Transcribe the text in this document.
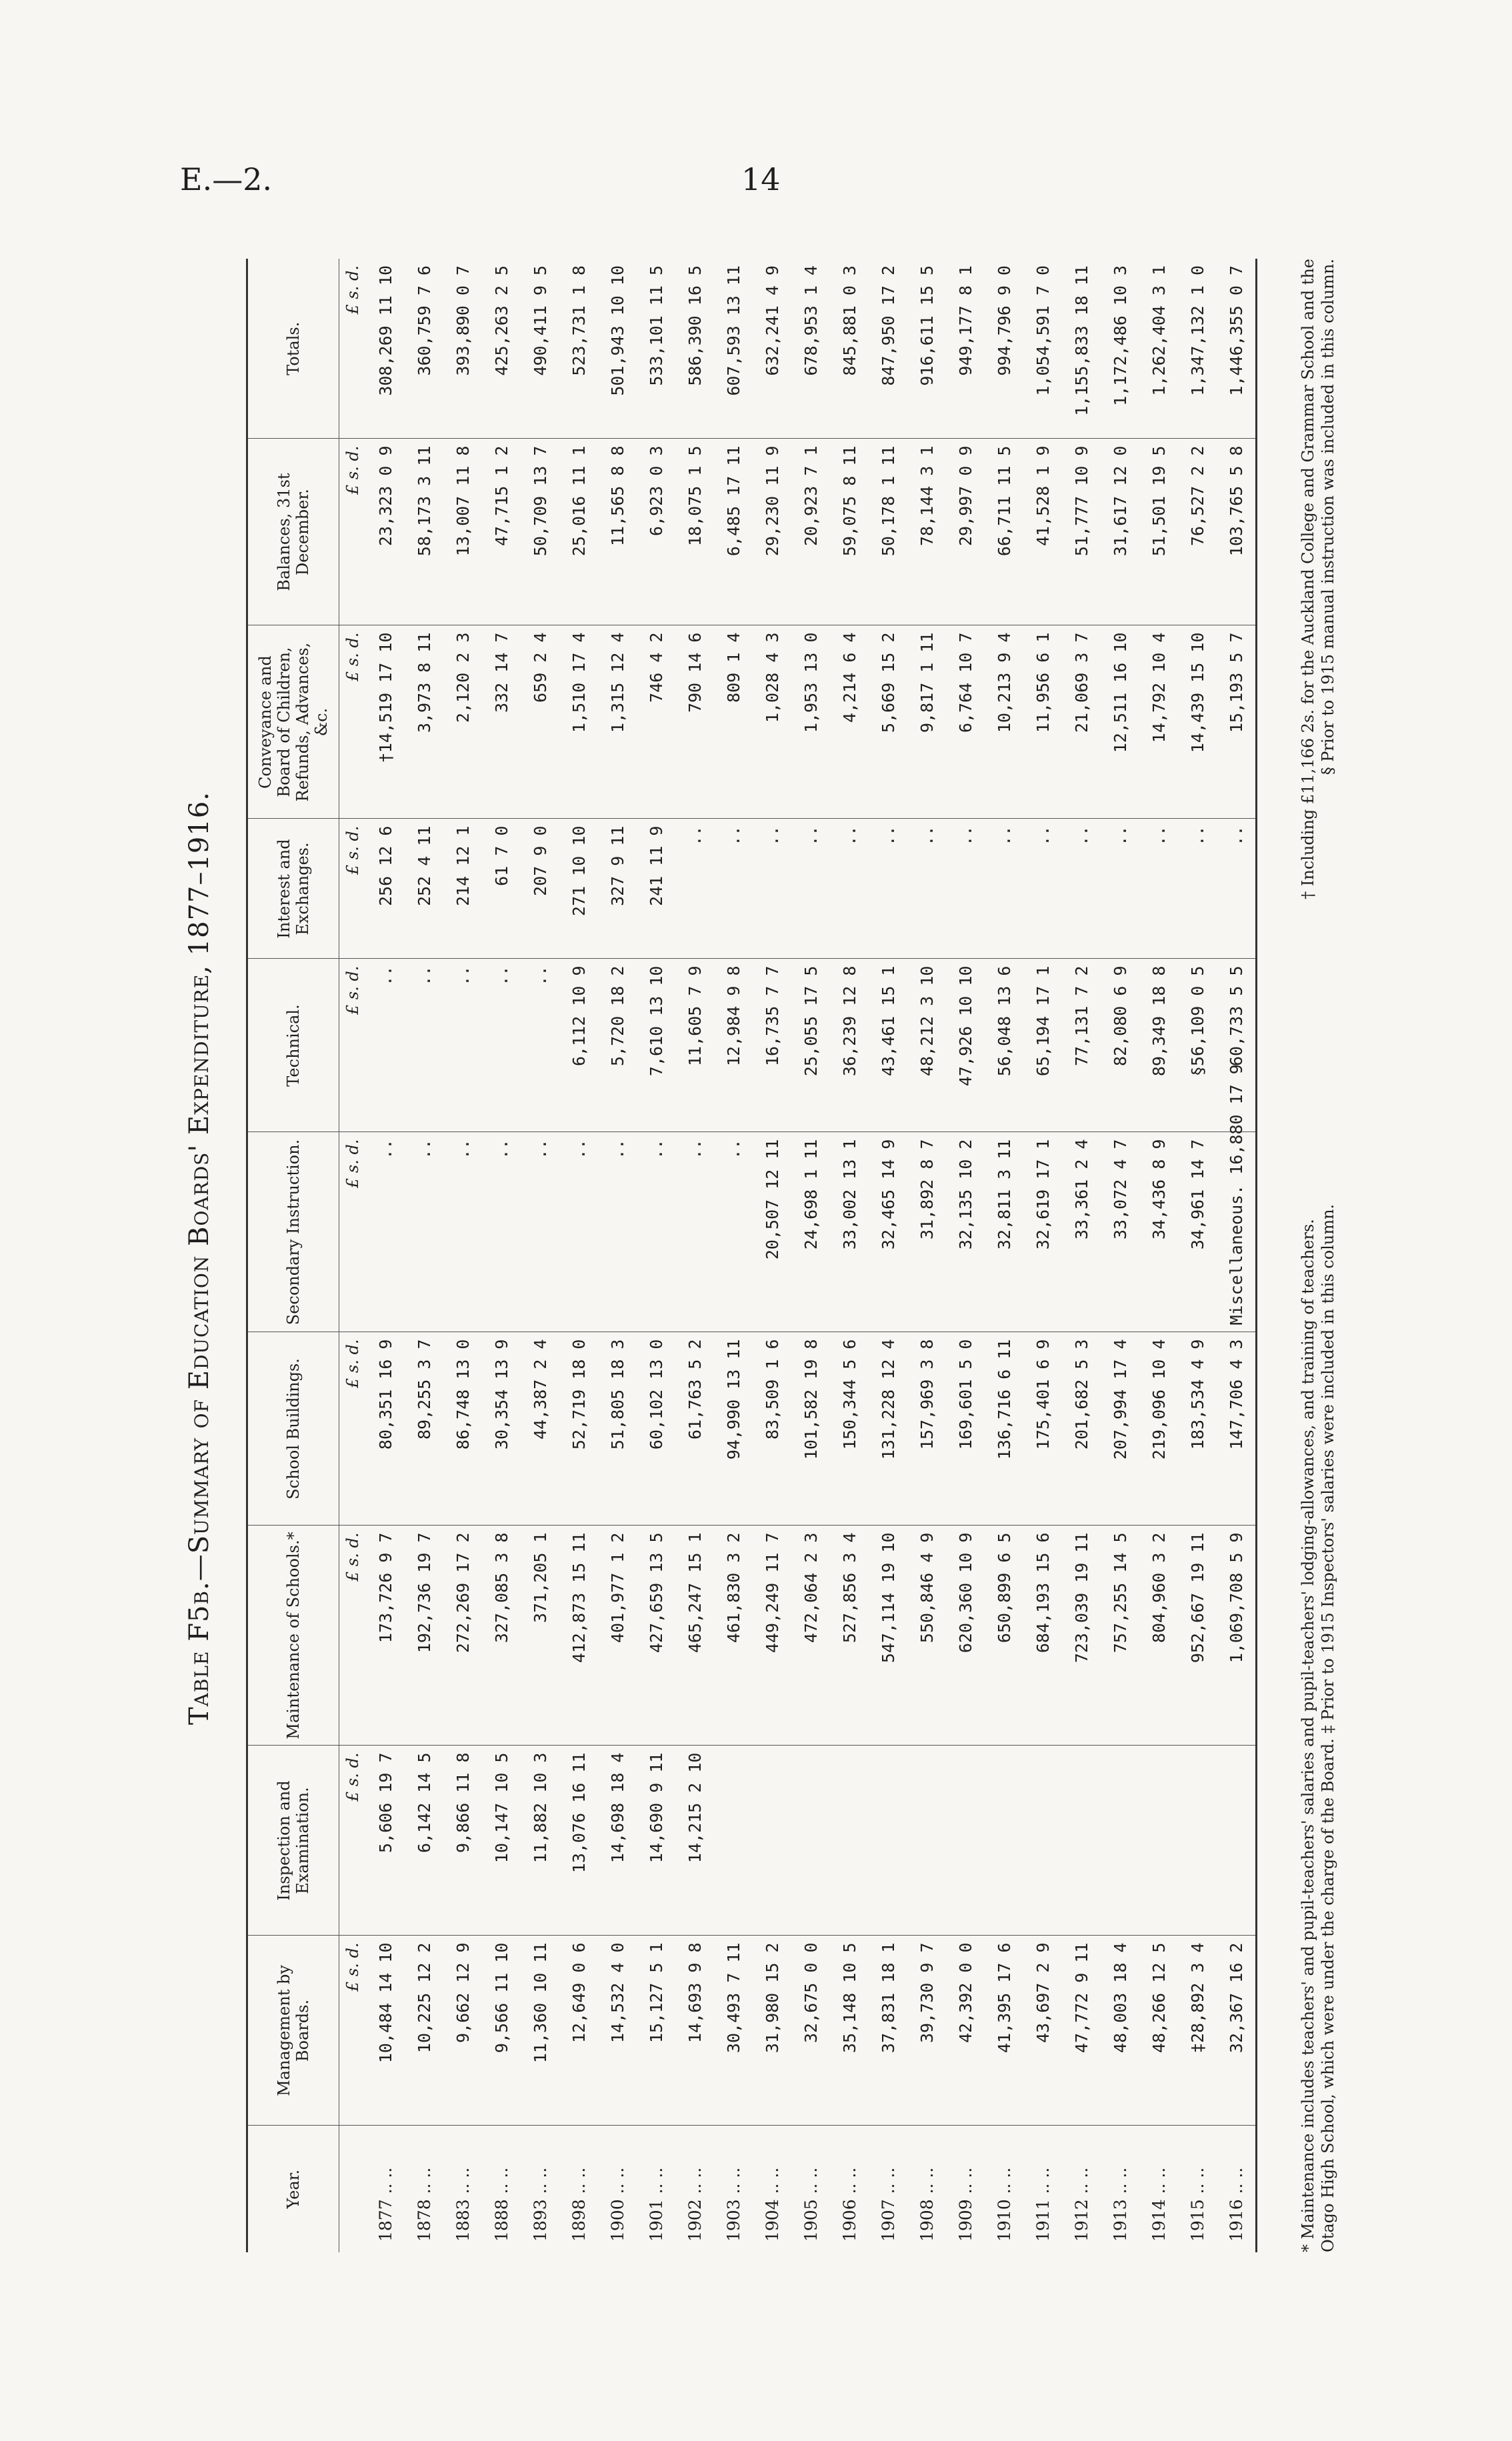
E.—2.	14
Table F5b.—Summary of Education Boards' Expenditure, 1877–1916.
Year.	Management by Boards.	Inspection and Examination.	Maintenance of Schools.*	School Buildings.	Secondary Instruction.	Technical.	Interest and Exchanges.	Conveyance and Board of Children, Refunds, Advances, &c.	Balances, 31st December.	Totals.
	£ s. d.	£ s. d.	£ s. d.	£ s. d.	£ s. d.	£ s. d.	£ s. d.	£ s. d.	£ s. d.	£ s. d.
1877 .. ..	10,484 14 10	5,606 19 7	173,726 9 7	80,351 16 9	..	..	256 12 6	†14,519 17 10	23,323 0 9	308,269 11 10
1878 .. ..	10,225 12 2	6,142 14 5	192,736 19 7	89,255 3 7	..	..	252 4 11	3,973 8 11	58,173 3 11	360,759 7 6
1883 .. ..	9,662 12 9	9,866 11 8	272,269 17 2	86,748 13 0	..	..	214 12 1	2,120 2 3	13,007 11 8	393,890 0 7
1888 .. ..	9,566 11 10	10,147 10 5	327,085 3 8	30,354 13 9	..	..	61 7 0	332 14 7	47,715 1 2	425,263 2 5
1893 .. ..	11,360 10 11	11,882 10 3	371,205 1	44,387 2 4	..	..	207 9 0	659 2 4	50,709 13 7	490,411 9 5
1898 .. ..	12,649 0 6	13,076 16 11	412,873 15 11	52,719 18 0	..	6,112 10 9	271 10 10	1,510 17 4	25,016 11 1	523,731 1 8
1900 .. ..	14,532 4 0	14,698 18 4	401,977 1 2	51,805 18 3	..	5,720 18 2	327 9 11	1,315 12 4	11,565 8 8	501,943 10 10
1901 .. ..	15,127 5 1	14,690 9 11	427,659 13 5	60,102 13 0	..	7,610 13 10	241 11 9	746 4 2	6,923 0 3	533,101 11 5
1902 .. ..	14,693 9 8	14,215 2 10	465,247 15 1	61,763 5 2	..	11,605 7 9	..	790 14 6	18,075 1 5	586,390 16 5
1903 .. ..	30,493 7 11		461,830 3 2	94,990 13 11	..	12,984 9 8	..	809 1 4	6,485 17 11	607,593 13 11
1904 .. ..	31,980 15 2		449,249 11 7	83,509 1 6	20,507 12 11	16,735 7 7	..	1,028 4 3	29,230 11 9	632,241 4 9
1905 .. ..	32,675 0 0		472,064 2 3	101,582 19 8	24,698 1 11	25,055 17 5	..	1,953 13 0	20,923 7 1	678,953 1 4
1906 .. ..	35,148 10 5		527,856 3 4	150,344 5 6	33,002 13 1	36,239 12 8	..	4,214 6 4	59,075 8 11	845,881 0 3
1907 .. ..	37,831 18 1		547,114 19 10	131,228 12 4	32,465 14 9	43,461 15 1	..	5,669 15 2	50,178 1 11	847,950 17 2
1908 .. ..	39,730 9 7		550,846 4 9	157,969 3 8	31,892 8 7	48,212 3 10	..	9,817 1 11	78,144 3 1	916,611 15 5
1909 .. ..	42,392 0 0		620,360 10 9	169,601 5 0	32,135 10 2	47,926 10 10	..	6,764 10 7	29,997 0 9	949,177 8 1
1910 .. ..	41,395 17 6		650,899 6 5	136,716 6 11	32,811 3 11	56,048 13 6	..	10,213 9 4	66,711 11 5	994,796 9 0
1911 .. ..	43,697 2 9		684,193 15 6	175,401 6 9	32,619 17 1	65,194 17 1	..	11,956 6 1	41,528 1 9	1,054,591 7 0
1912 .. ..	47,772 9 11		723,039 19 11	201,682 5 3	33,361 2 4	77,131 7 2	..	21,069 3 7	51,777 10 9	1,155,833 18 11
1913 .. ..	48,003 18 4		757,255 14 5	207,994 17 4	33,072 4 7	82,080 6 9	..	12,511 16 10	31,617 12 0	1,172,486 10 3
1914 .. ..	48,266 12 5		804,960 3 2	219,096 10 4	34,436 8 9	89,349 18 8	..	14,792 10 4	51,501 19 5	1,262,404 3 1
1915 .. ..	‡28,892 3 4		952,667 19 11	183,534 4 9	34,961 14 7	§56,109 0 5	..	14,439 15 10	76,527 2 2	1,347,132 1 0
1916 .. ..	32,367 16 2		1,069,708 5 9	147,706 4 3	Miscellaneous. 16,880 17 9	60,733 5 5	..	15,193 5 7	103,765 5 8	1,446,355 0 7
* Maintenance includes teachers' and pupil-teachers' salaries and pupil-teachers' lodging-allowances, and training of teachers.
† Including £11,166 2s. for the Auckland College and Grammar School and the
Otago High School, which were under the charge of the Board. ‡ Prior to 1915 Inspectors' salaries were included in this column.
§ Prior to 1915 manual instruction was included in this column.
